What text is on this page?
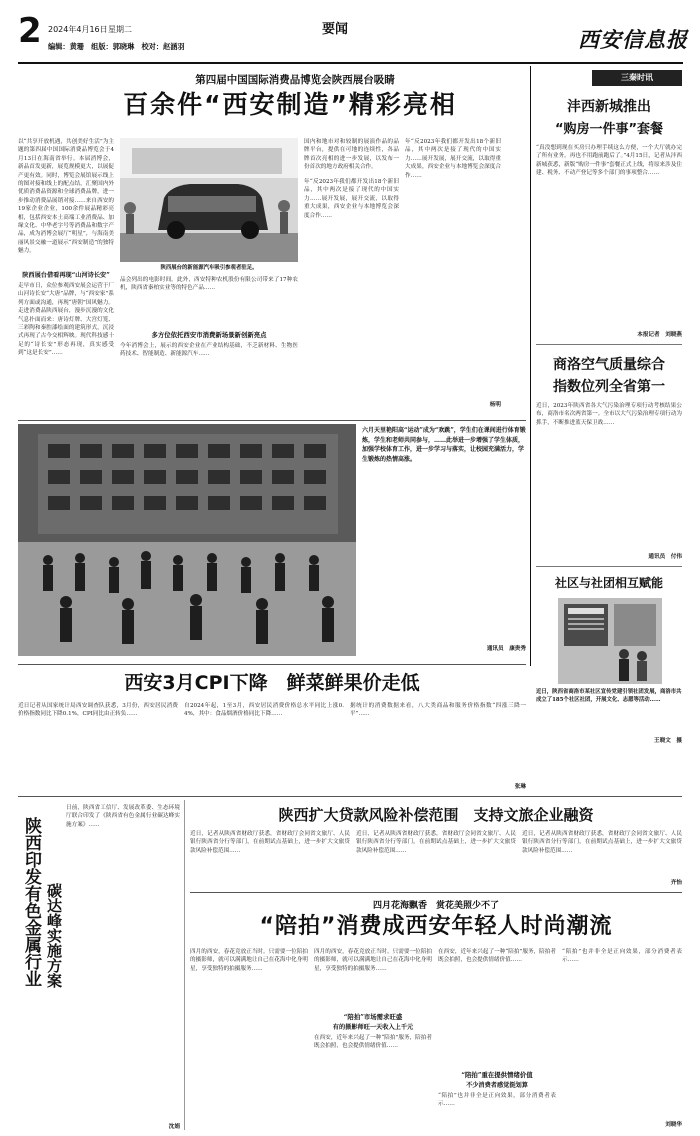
2 2024年4月16日 星期二
编辑：黄珊　组版：郭晓琳　校对：赵涵羽
要闻	西安信息报
第四届中国国际消费品博览会陕西展台吸睛
百余件“西安制造”精彩亮相
以“共享开放机遇，共创美好生活”为主题的第四届中国国际消费品博览会于4月13日在海南省举行。本届消博会，新品首发更新，展览规模更大，以展促产更有效。同时，博览会展馆展示线上的图对接和线上的配点结，汇聚国内外优质消费品资源和全球消费品牌，进一步推动消费品展销对接……来自西安的19家企业企业，100余件展品精彩亮相，包括西安本土高端工业消费品、加缘文化、中华老字号等消费品和数字产品，成为消博会展厅“明星”，与海南美丽风景交融一道展示“西安制造”的独特魅力。
陕西展台借看再现“山河诗长安”
走早市日，众位参观西安展会运营于厂山河诗长安“大唐”品牌，与“西安家”系列方面或沟通，再现“唐朝”国风魅力。走进消费品陕西展台，漫步沉漫的文化气息扑面而来：唐诗灯牌、大宫灯笼、三彩陶和秦腔漆绘面的建筑形式，沉浸式再现了古今交相辉映。现代科技感十足的“诗长安”形态再现，真实感受到“这是长安”……
陕西展台的新能源汽车吸引参观者驻足。
品会列出的电影时间。此外，西安特种农机股份有限公司带来了17种农机，陕西省秦柏实业等的特色产品……
多方位依托西安市消费新场景新创新亮点
今年消博会上，展示的西安企业在产业结构基础，不乏新材料、生物医药技术、智能制造、新能源汽车……
国内和地市对和较制的展演作品的品牌平台，提供在可地的连续性，各品牌首次亮相的进一步发展，以发布一份首次的地方政府相关合作。
年“反2023年我们都开发出18个新旧品，其中两次是接了现代的中国实力……展开发展，展开交流，以取得重大成果，西安企业与本地博览会深度合作……
年“反2023年我们都开发出18个新旧品，其中两次是接了现代的中国实力……展开发展，展开交流，以取得重大成果，西安企业与本地博览会深度合作……
杨明
三秦时讯
沣西新城推出
“购房一件事”套餐
“真没想到现在买房只办理手续这么方便，一个大厅就办完了所有业务，再也不用跑前跑后了。”4月15日，记者从沣西新城获悉，新版“购房一件事”套餐正式上线，将原来涉及住建、税务、不动产登记等多个部门的事项整合……
本报记者　刘晓燕
商洛空气质量综合
指数位列全省第一
近日，2023年陕西省各大气污染治理专项行动考核结果公布，商洛市名次两省第一。全市以大气污染治理专项行动为抓手，不断推进蓝天保卫战……
通讯员　付伟
社区与社团相互赋能
近日，陕西省商洛市某社区宣传党建引领社团发展，商洛市共成立了185个社区社团，开展文化、志愿等活动……
王晓文　摄
六月天里艳阳高“运动”成为“欢跳”，学生们在课间进行体育锻炼，学生和老师共同参与，……此举进一步增强了学生体质，加强学校体育工作，进一步学习与落实，让校园充满活力，学生锻炼的热情高涨。
通讯员　康贵秀
西安3月CPI下降　鲜菜鲜果价走低
近日记者从国家统计局西安调查队获悉，3月份，西安居民消费价格指数同比下降0.1%，CPI同比由正转负……
自2024年起，1至3月，西安居民消费价格总水平同比上涨0.4%，其中：食品烟酒价格同比下降……
据统计的消费数据来看，八大类商品和服务价格指数“四涨三降一平”……
张琳
陕西印发有色金属行业 碳达峰实施方案
日前，陕西省工信厅、发展改革委、生态环境厅联合印发了《陕西省有色金属行业碳达峰实施方案》……
沈娟
陕西扩大贷款风险补偿范围　支持文旅企业融资
近日，记者从陕西省财政厅获悉，省财政厅会同省文旅厅、人民银行陕西省分行等部门，在前期试点基础上，进一步扩大文旅贷款风险补偿范围……
近日，记者从陕西省财政厅获悉，省财政厅会同省文旅厅、人民银行陕西省分行等部门，在前期试点基础上，进一步扩大文旅贷款风险补偿范围……
近日，记者从陕西省财政厅获悉，省财政厅会同省文旅厅、人民银行陕西省分行等部门，在前期试点基础上，进一步扩大文旅贷款风险补偿范围……
齐怡
四月花海飘香　赏花美照少不了
“陪拍”消费成西安年轻人时尚潮流
四月的西安，春花竞放正当时。只需要一位陪拍的摄影师，就可以满满地让自己在花海中化身明星，享受独特的拍摄服务……
四月的西安，春花竞放正当时。只需要一位陪拍的摄影师，就可以满满地让自己在花海中化身明星，享受独特的拍摄服务……
“陪拍”市场需求旺盛
有的摄影师旺一天收入上千元
在西安，近年来兴起了一种“陪拍”服务，陪拍者既会拍照，也会提供情绪价值……
在西安，近年来兴起了一种“陪拍”服务，陪拍者既会拍照，也会提供情绪价值……
“陪拍”重在提供情绪价值
不少消费者感觉挺划算
“陪拍”也并非全是正向效果，部分消费者表示……
“陪拍”也并非全是正向效果，部分消费者表示……
刘晓华
